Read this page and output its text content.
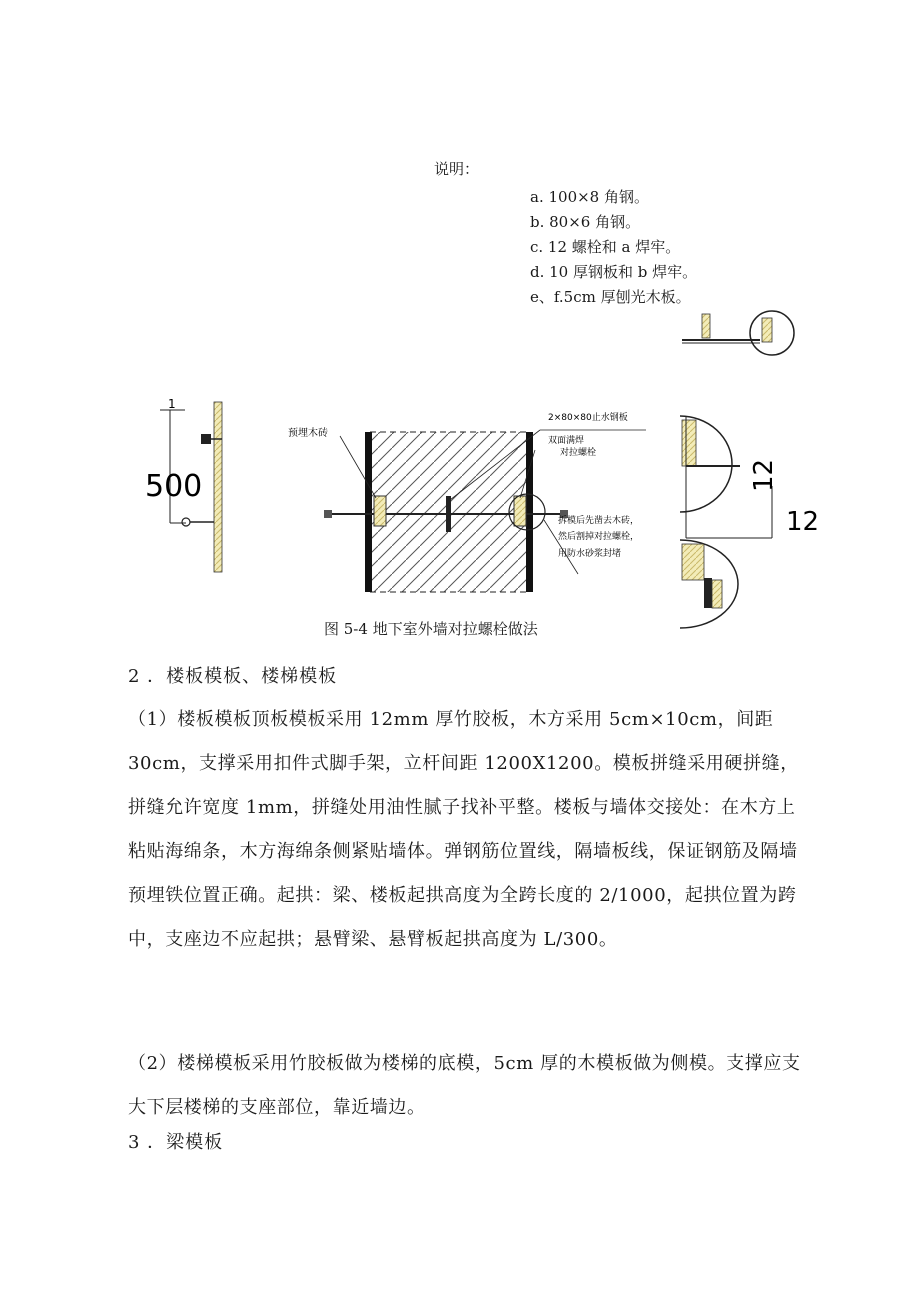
说明：
a. 100×8 角钢。
b. 80×6 角钢。
c. 12 螺栓和 a 焊牢。
d. 10 厚钢板和 b 焊牢。
e、f.5cm 厚刨光木板。
1
500
预埋木砖
2×80×80止水钢板
双面满焊
对拉螺栓
拆模后先凿去木砖，
然后割掉对拉螺栓，
用防水砂浆封堵
12
12
图 5-4 地下室外墙对拉螺栓做法
2 ．楼板模板、楼梯模板
（1）楼板模板顶板模板采用 12mm 厚竹胶板，木方采用 5cm×10cm，间距 30cm，支撑采用扣件式脚手架，立杆间距 1200X1200。模板拼缝采用硬拼缝，拼缝允许宽度 1mm，拼缝处用油性腻子找补平整。楼板与墙体交接处：在木方上粘贴海绵条，木方海绵条侧紧贴墙体。弹钢筋位置线，隔墙板线，保证钢筋及隔墙预埋铁位置正确。起拱：梁、楼板起拱高度为全跨长度的 2/1000，起拱位置为跨中，支座边不应起拱；悬臂梁、悬臂板起拱高度为 L/300。
（2）楼梯模板采用竹胶板做为楼梯的底模，5cm 厚的木模板做为侧模。支撑应支大下层楼梯的支座部位，靠近墙边。
3 ．梁模板
